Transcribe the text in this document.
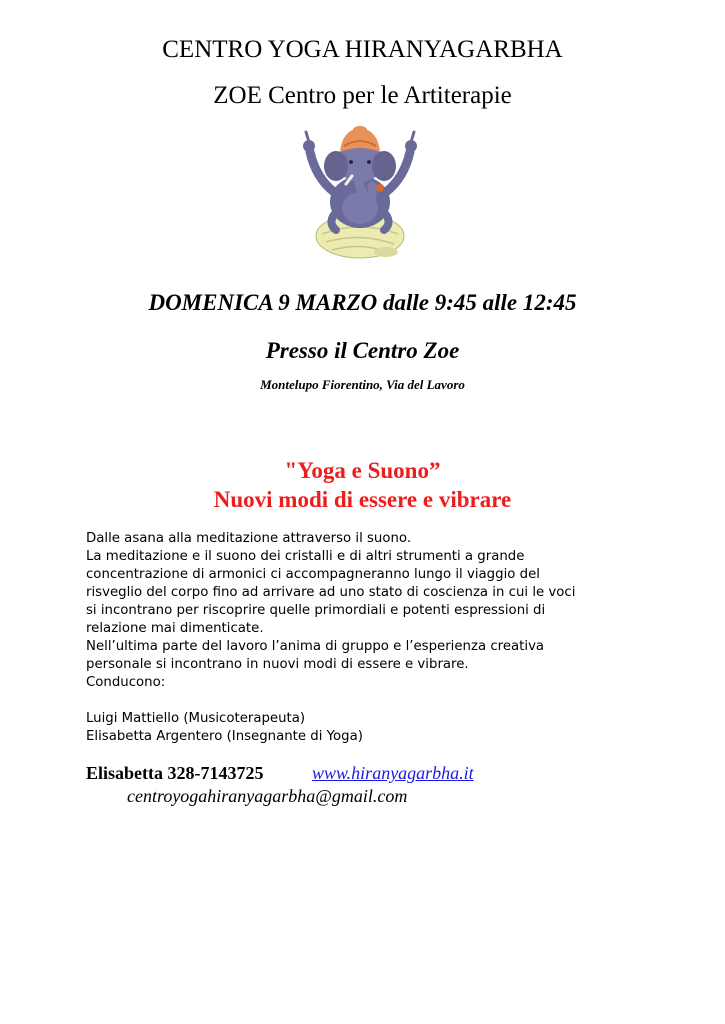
CENTRO YOGA HIRANYAGARBHA
ZOE Centro per le Artiterapie
DOMENICA 9 MARZO dalle 9:45 alle 12:45
Presso il Centro Zoe
Montelupo Fiorentino, Via del Lavoro
"Yoga e Suono”
Nuovi modi di essere e vibrare
Dalle asana alla meditazione attraverso il suono.
La meditazione e il suono dei cristalli e di altri strumenti a grande
concentrazione di armonici ci accompagneranno lungo il viaggio del
risveglio del corpo fino ad arrivare ad uno stato di coscienza in cui le voci
si incontrano per riscoprire quelle primordiali e potenti espressioni di
relazione mai dimenticate.
Nell’ultima parte del lavoro l’anima di gruppo e l’esperienza creativa
personale si incontrano in nuovi modi di essere e vibrare.
Conducono:
Luigi Mattiello (Musicoterapeuta)
Elisabetta Argentero (Insegnante di Yoga)
Elisabetta 328-7143725	www.hiranyagarbha.it
centroyogahiranyagarbha@gmail.com
